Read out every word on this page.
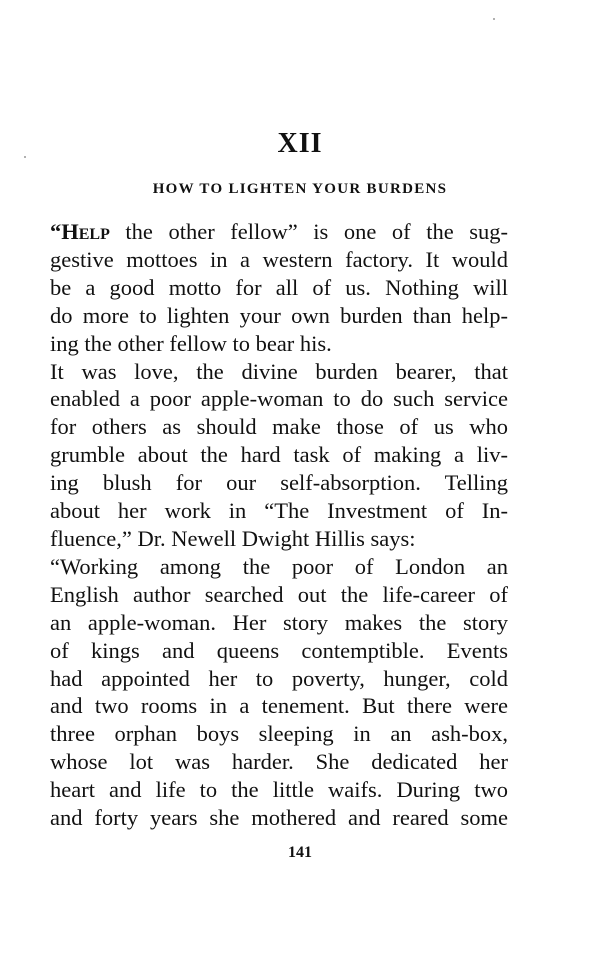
XII
HOW TO LIGHTEN YOUR BURDENS

“Help the other fellow” is one of the sug-
gestive mottoes in a western factory. It would
be a good motto for all of us. Nothing will
do more to lighten your own burden than help-
ing the other fellow to bear his.

It was love, the divine burden bearer, that
enabled a poor apple-woman to do such service
for others as should make those of us who
grumble about the hard task of making a liv-
ing blush for our self-absorption. Telling
about her work in “The Investment of In-
fluence,” Dr. Newell Dwight Hillis says:

“Working among the poor of London an
English author searched out the life-career of
an apple-woman. Her story makes the story
of kings and queens contemptible. Events
had appointed her to poverty, hunger, cold
and two rooms in a tenement. But there were
three orphan boys sleeping in an ash-box,
whose lot was harder. She dedicated her
heart and life to the little waifs. During two
and forty years she mothered and reared some

141
